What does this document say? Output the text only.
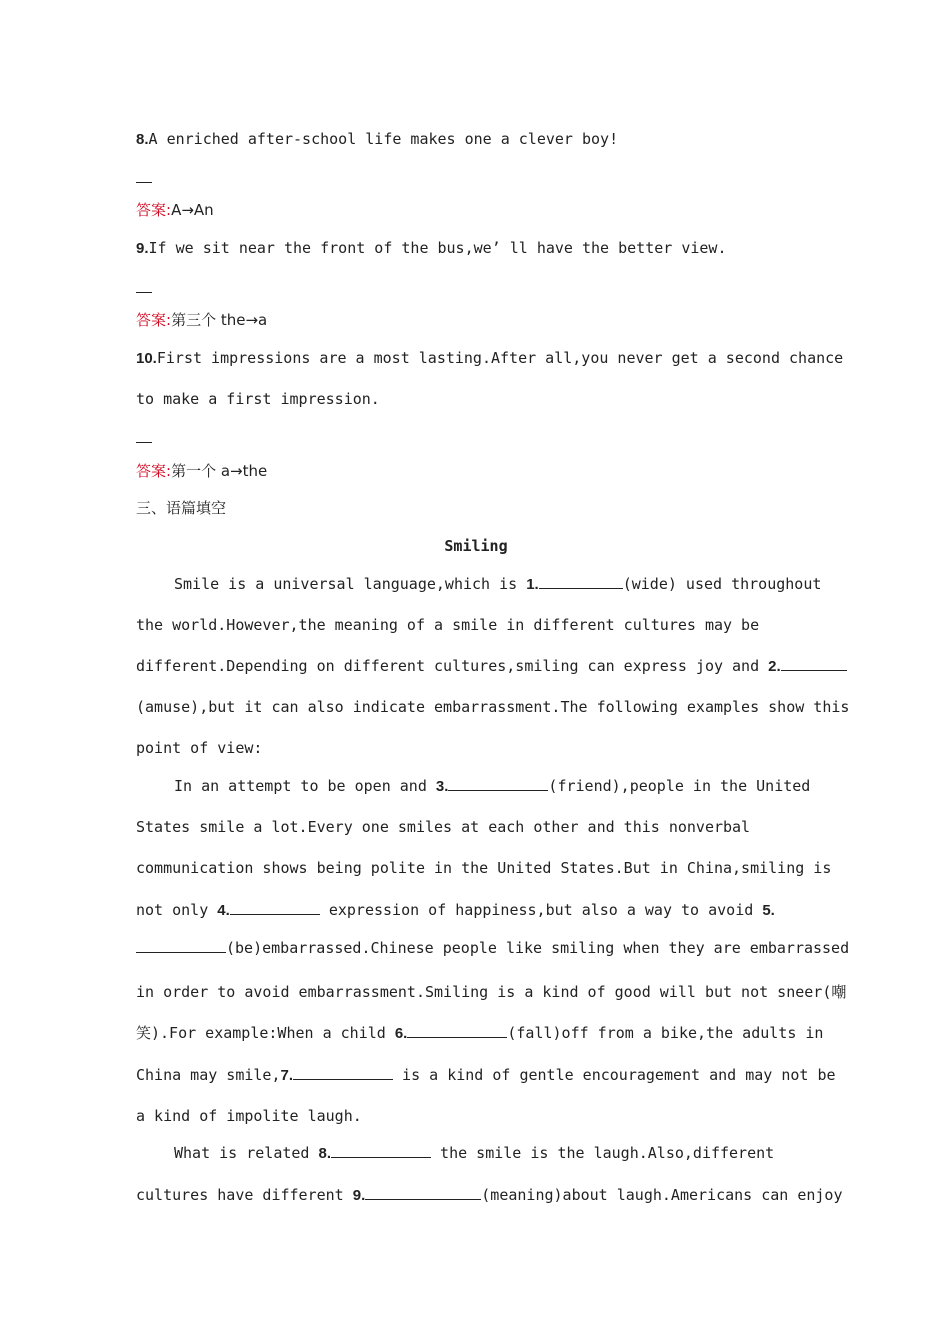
8.A enriched after-school life makes one a clever boy!
答案:A→An
9.If we sit near the front of the bus,we’ ll have the better view.
答案:第三个 the→a
10.First impressions are a most lasting.After all,you never get a second chance
to make a first impression.
答案:第一个 a→the
三、语篇填空
Smiling
Smile is a universal language,which is 1.	(wide) used throughout
the world.However,the meaning of a smile in different cultures may be
different.Depending on different cultures,smiling can express joy and 2.
(amuse),but it can also indicate embarrassment.The following examples show this
point of view:
In an attempt to be open and 3.	(friend),people in the United
States smile a lot.Every one smiles at each other and this nonverbal
communication shows being polite in the United States.But in China,smiling is
not only 4.	expression of happiness,but also a way to avoid 5.
(be)embarrassed.Chinese people like smiling when they are embarrassed
in order to avoid embarrassment.Smiling is a kind of good will but not sneer(嘲
笑).For example:When a child 6.	(fall)off from a bike,the adults in
China may smile,7.	is a kind of gentle encouragement and may not be
a kind of impolite laugh.
What is related 8.	the smile is the laugh.Also,different
cultures have different 9.	(meaning)about laugh.Americans can enjoy
